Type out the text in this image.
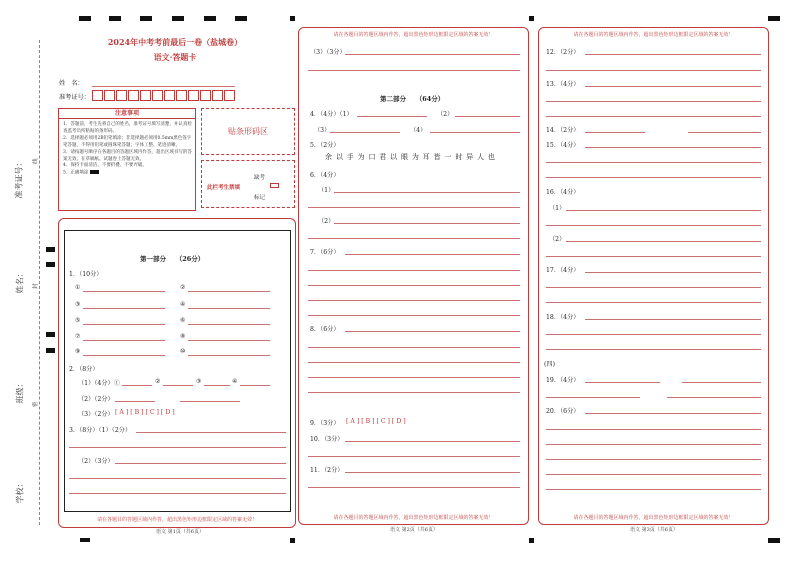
学校：
班级：
姓名：
准考证号：	线
封
密
2024年中考考前最后一卷（盐城卷）
语文·答题卡
姓　名：
准考证号：
注意事项

1．答题前，考生先将自己的姓名，准考证号填写清楚，并认真检查监考员所粘贴的条形码。

2．选择题必须用2B铅笔填涂；非选择题必须用0.5mm黑色签字笔答题，不得用铅笔或圆珠笔答题；字体工整、笔迹清晰。

3．请按题号顺序在各题目的答题区域内作答，超出区域书写的答案无效；在草稿纸、试题卷上答题无效。

4．保持卡面清洁，不要折叠、不要弄破。

5．正确填涂

贴条形码区
缺考
此栏考生禁填
标记
请在各题目的答题区域内作答，超出黑色矩形边框限定区域的答案无效！
第一部分　　（26分）
1．（10分）
①	②
③	④
⑤	⑥
⑦	⑧
⑨	⑩
2．（8分）
（1）（4分）①	②	③	④
（2）（2分）
（3）（2分） [ A ] [ B ] [ C ] [ D ]
3．（8分）（1）（2分）
（2）（3分）
语文 第1页（共6页）
请在各题目的答题区域内作答，超出黑色矩形边框限定区域的答案无效！
请在各题目的答题区域内作答，超出黑色矩形边框限定区域的答案无效！
（3）（3分）
第二部分　　（64分）
4．（4分）（1）	（2）
（3）	（4）
5．（2分）
余 以 手 为 口 君 以 眼 为 耳 皆 一 时 异 人 也
6．（4分）
（1）
（2）
7．（6分）
8．（6分）
9．（3分） [ A ] [ B ] [ C ] [ D ]
10．（3分）
11．（2分）
语文 第2页（共6页）
请在各题目的答题区域内作答，超出黑色矩形边框限定区域的答案无效！
请在各题目的答题区域内作答，超出黑色矩形边框限定区域的答案无效！
12．（2分）
13．（4分）
14．（2分）
15．（4分）
16．（4分）
（1）
（2）
17．（4分）
18．（4分）
(四)
19．（4分）
20．（6分）
语文 第3页（共6页）
